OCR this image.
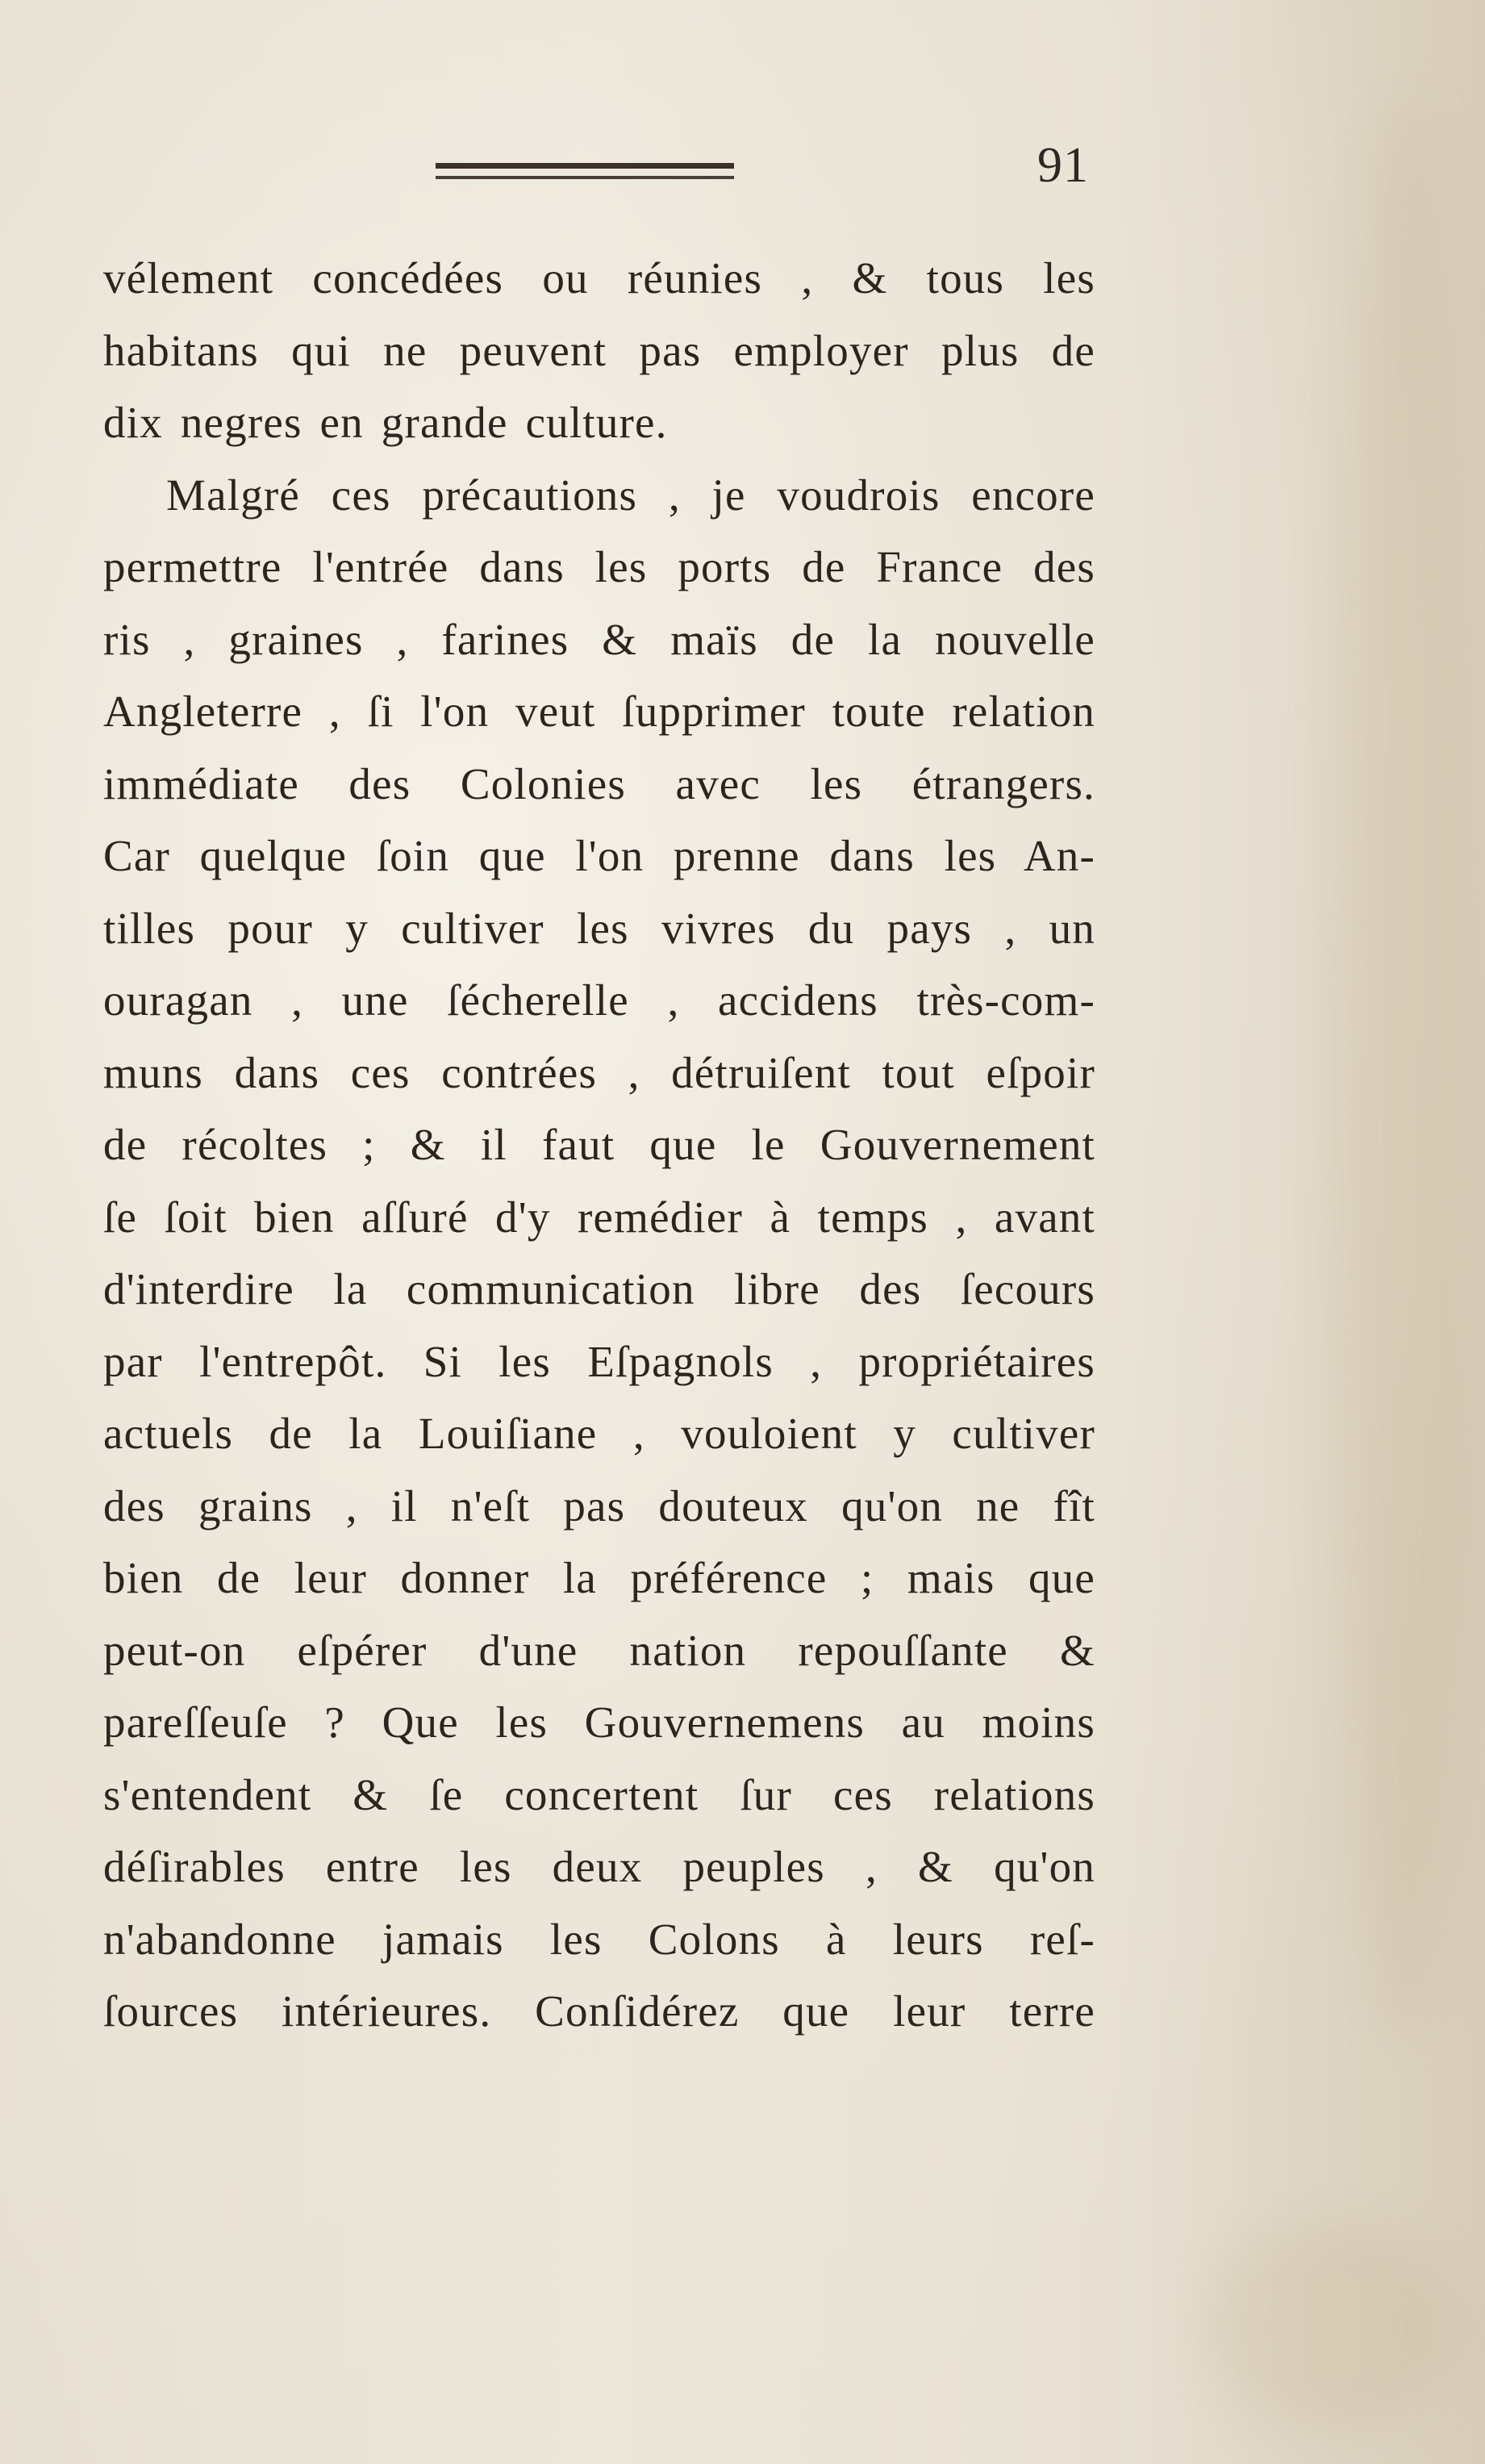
91
vélement concédées ou réunies , & tous les
habitans qui ne peuvent pas employer plus de
dix negres en grande culture.
Malgré ces précautions , je voudrois encore
permettre l'entrée dans les ports de France des
ris , graines , farines & maïs de la nouvelle
Angleterre , ſi l'on veut ſupprimer toute relation
immédiate des Colonies avec les étrangers.
Car quelque ſoin que l'on prenne dans les An-
tilles pour y cultiver les vivres du pays , un
ouragan , une ſécherelle , accidens très-com-
muns dans ces contrées , détruiſent tout eſpoir
de récoltes ; & il faut que le Gouvernement
ſe ſoit bien aſſuré d'y remédier à temps , avant
d'interdire la communication libre des ſecours
par l'entrepôt. Si les Eſpagnols , propriétaires
actuels de la Louiſiane , vouloient y cultiver
des grains , il n'eſt pas douteux qu'on ne fît
bien de leur donner la préférence ; mais que
peut-on eſpérer d'une nation repouſſante &
pareſſeuſe ? Que les Gouvernemens au moins
s'entendent & ſe concertent ſur ces relations
déſirables entre les deux peuples , & qu'on
n'abandonne jamais les Colons à leurs reſ-
ſources intérieures. Conſidérez que leur terre
